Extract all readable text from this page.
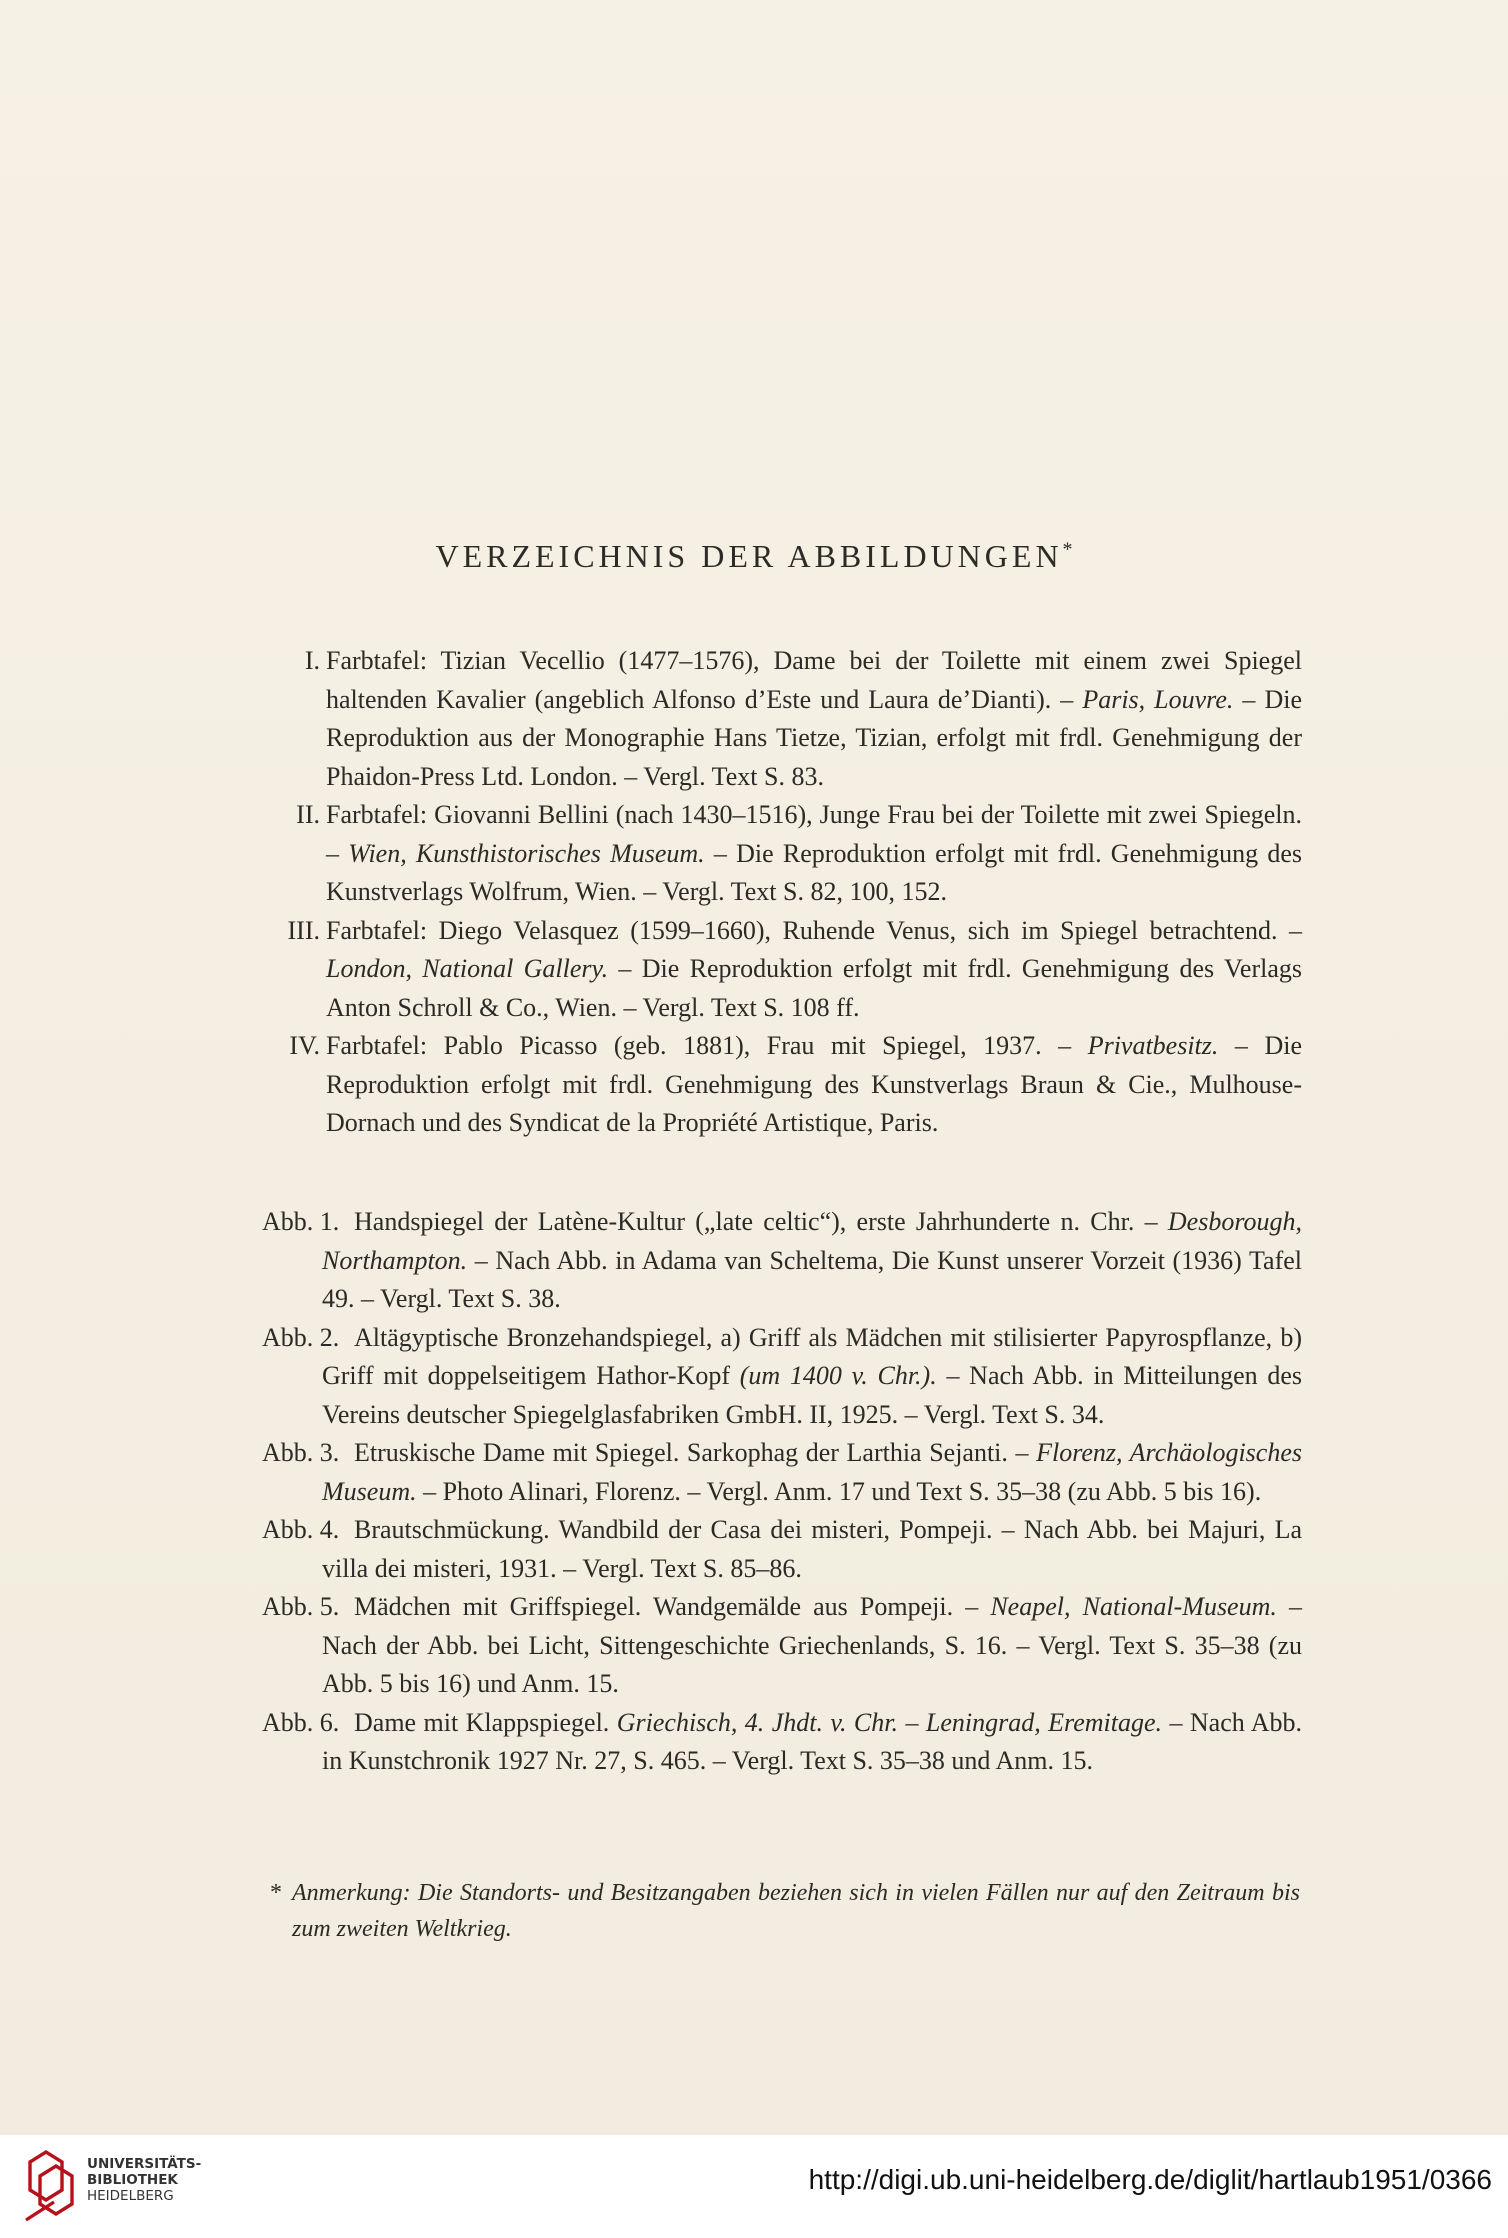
VERZEICHNIS DER ABBILDUNGEN*
I. Farbtafel: Tizian Vecellio (1477–1576), Dame bei der Toilette mit einem zwei Spiegel haltenden Kavalier (angeblich Alfonso d’Este und Laura de’Dianti). – Paris, Louvre. – Die Reproduktion aus der Monographie Hans Tietze, Tizian, erfolgt mit frdl. Genehmigung der Phaidon-Press Ltd. London. – Vergl. Text S. 83.
II. Farbtafel: Giovanni Bellini (nach 1430–1516), Junge Frau bei der Toilette mit zwei Spiegeln. – Wien, Kunsthistorisches Museum. – Die Reproduktion erfolgt mit frdl. Genehmigung des Kunstverlags Wolfrum, Wien. – Vergl. Text S. 82, 100, 152.
III. Farbtafel: Diego Velasquez (1599–1660), Ruhende Venus, sich im Spiegel betrachtend. – London, National Gallery. – Die Reproduktion erfolgt mit frdl. Genehmigung des Verlags Anton Schroll & Co., Wien. – Vergl. Text S. 108 ff.
IV. Farbtafel: Pablo Picasso (geb. 1881), Frau mit Spiegel, 1937. – Privatbesitz. – Die Reproduktion erfolgt mit frdl. Genehmigung des Kunstverlags Braun & Cie., Mulhouse-Dornach und des Syndicat de la Propriété Artistique, Paris.
Abb. 1. Handspiegel der Latène-Kultur („late celtic“), erste Jahrhunderte n. Chr. – Desborough, Northampton. – Nach Abb. in Adama van Scheltema, Die Kunst unserer Vorzeit (1936) Tafel 49. – Vergl. Text S. 38.
Abb. 2. Altägyptische Bronzehandspiegel, a) Griff als Mädchen mit stilisierter Papyrospflanze, b) Griff mit doppelseitigem Hathor-Kopf (um 1400 v. Chr.). – Nach Abb. in Mitteilungen des Vereins deutscher Spiegelglasfabriken GmbH. II, 1925. – Vergl. Text S. 34.
Abb. 3. Etruskische Dame mit Spiegel. Sarkophag der Larthia Sejanti. – Florenz, Archäologisches Museum. – Photo Alinari, Florenz. – Vergl. Anm. 17 und Text S. 35–38 (zu Abb. 5 bis 16).
Abb. 4. Brautschmückung. Wandbild der Casa dei misteri, Pompeji. – Nach Abb. bei Majuri, La villa dei misteri, 1931. – Vergl. Text S. 85–86.
Abb. 5. Mädchen mit Griffspiegel. Wandgemälde aus Pompeji. – Neapel, National-Museum. – Nach der Abb. bei Licht, Sittengeschichte Griechenlands, S. 16. – Vergl. Text S. 35–38 (zu Abb. 5 bis 16) und Anm. 15.
Abb. 6. Dame mit Klappspiegel. Griechisch, 4. Jhdt. v. Chr. – Leningrad, Eremitage. – Nach Abb. in Kunstchronik 1927 Nr. 27, S. 465. – Vergl. Text S. 35–38 und Anm. 15.
* Anmerkung: Die Standorts- und Besitzangaben beziehen sich in vielen Fällen nur auf den Zeitraum bis zum zweiten Weltkrieg.
UNIVERSITÄTS-
BIBLIOTHEK
HEIDELBERG
http://digi.ub.uni-heidelberg.de/diglit/hartlaub1951/0366
